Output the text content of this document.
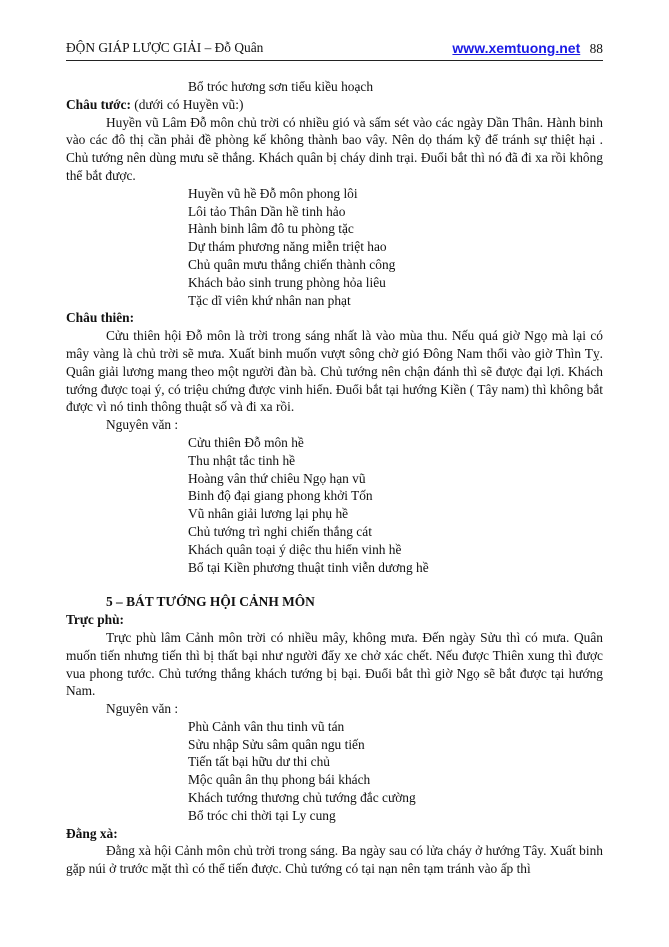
ĐỘN GIÁP LƯỢC GIẢI – Đỗ Quân	www.xemtuong.net 88
Bổ tróc hương sơn tiểu kiều hoạch
Châu tước: (dưới có Huyền vũ:)
Huyền vũ Lâm Đỗ môn chủ trời có nhiều gió và sấm sét vào các ngày Dần Thân. Hành binh vào các đô thị cần phải đề phòng kế không thành bao vây. Nên dọ thám kỹ để tránh sự thiệt hại . Chủ tướng nên dùng mưu sẽ thắng. Khách quân bị cháy dinh trại. Đuổi bắt thì nó đã đi xa rồi không thể bắt được.
Huyền vũ hề Đỗ môn phong lôi
Lôi tảo Thân Dần hề tinh hảo
Hành binh lâm đô tu phòng tặc
Dự thám phương năng miễn triệt hao
Chủ quân mưu thắng chiến thành công
Khách bảo sinh trung phòng hỏa liêu
Tặc dĩ viên khứ nhân nan phạt
Châu thiên:
Cửu thiên hội Đỗ môn là trời trong sáng nhất là vào mùa thu. Nếu quá giờ Ngọ mà lại có mây vàng là chủ trời sẽ mưa. Xuất binh muốn vượt sông chờ gió Đông Nam thổi vào giờ Thìn Tỵ. Quân giải lương mang theo một người đàn bà. Chủ tướng nên chận đánh thì sẽ được đại lợi. Khách tướng được toại ý, có triệu chứng được vinh hiển. Đuổi bắt tại hướng Kiền ( Tây nam) thì không bắt được vì nó tinh thông thuật số và đi xa rồi.
Nguyên văn :
Cửu thiên Đỗ môn hề
Thu nhật tắc tinh hề
Hoàng vân thứ chiêu Ngọ hạn vũ
Binh độ đại giang phong khởi Tốn
Vũ nhân giải lương lại phụ hề
Chủ tướng trì nghi chiến thắng cát
Khách quân toại ý diệc thu hiển vinh hề
Bổ tại Kiền phương thuật tinh viễn dương hề
5 – BÁT TƯỚNG HỘI CẢNH MÔN
Trực phù:
Trực phù lâm Cảnh môn trời có nhiều mây, không mưa. Đến ngày Sửu thì có mưa. Quân muốn tiến nhưng tiến thì bị thất bại như người đẩy xe chở xác chết. Nếu được Thiên xung thì được vua phong tước. Chủ tướng thắng khách tướng bị bại. Đuổi bắt thì giờ Ngọ sẽ bắt được tại hướng Nam.
Nguyên văn :
Phù Cảnh vân thu tinh vũ tán
Sửu nhập Sửu sâm quân ngu tiến
Tiến tất bại hữu dư thi chủ
Mộc quân ân thụ phong bái khách
Khách tướng thương chủ tướng đắc cường
Bổ tróc chi thời tại Ly cung
Đằng xà:
Đằng xà hội Cảnh môn chủ trời trong sáng. Ba ngày sau có lửa cháy ở hướng Tây. Xuất binh gặp núi ở trước mặt thì có thể tiến được. Chủ tướng có tại nạn nên tạm tránh vào ấp thì
